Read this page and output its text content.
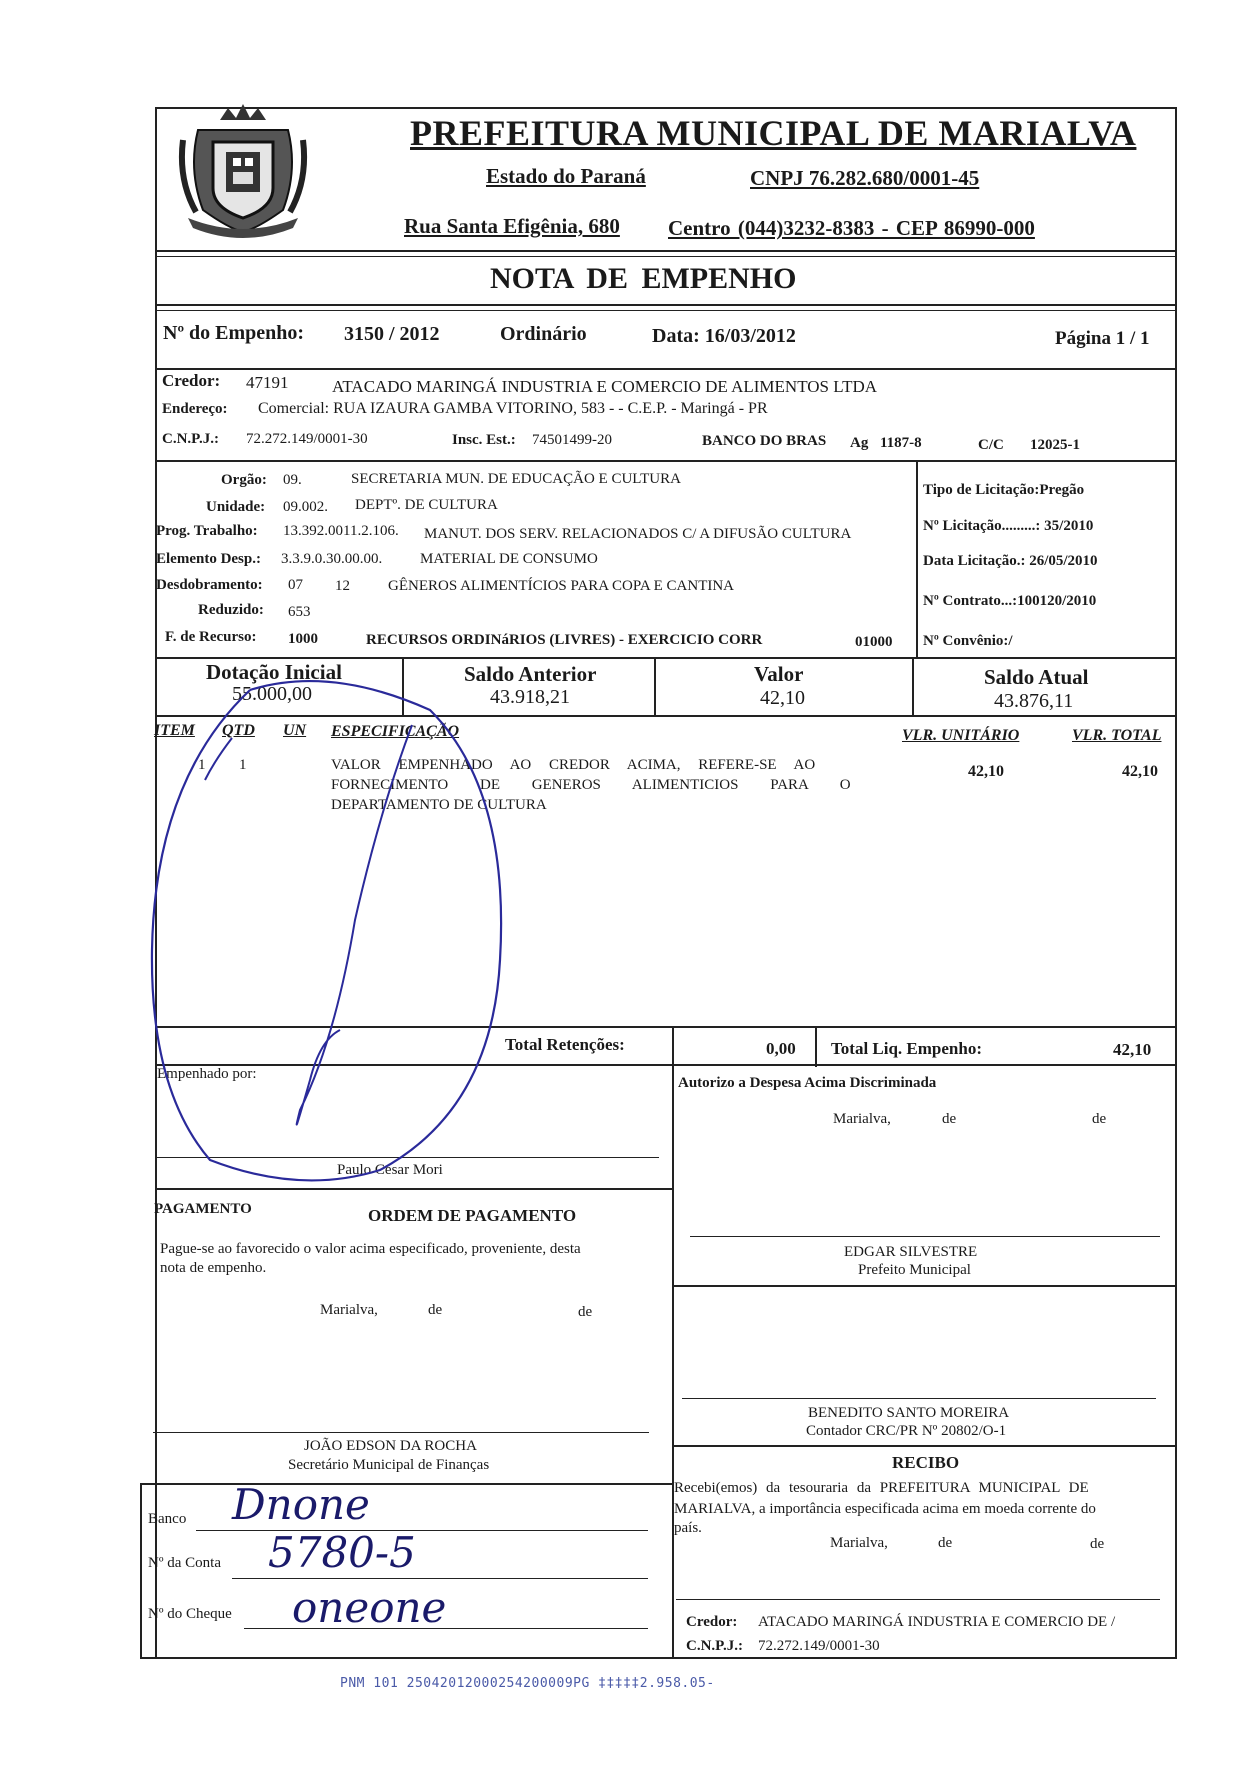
PREFEITURA MUNICIPAL DE MARIALVA
Estado do Paraná	CNPJ 76.282.680/0001-45
Rua Santa Efigênia, 680 Centro (044)3232-8383 - CEP 86990-000
NOTA DE EMPENHO
Nº do Empenho: 3150 / 2012	Ordinário	Data: 16/03/2012	Página 1 / 1
Credor: 47191	ATACADO MARINGÁ INDUSTRIA E COMERCIO DE ALIMENTOS LTDA
Endereço: Comercial: RUA IZAURA GAMBA VITORINO, 583 - - C.E.P. - Maringá - PR
C.N.P.J.: 72.272.149/0001-30	Insc. Est.: 74501499-20	BANCO DO BRAS Ag 1187-8	C/C 12025-1
Orgão: 09.	SECRETARIA MUN. DE EDUCAÇÃO E CULTURA
Unidade: 09.002. DEPTº. DE CULTURA
Prog. Trabalho: 13.392.0011.2.106. MANUT. DOS SERV. RELACIONADOS C/ A DIFUSÃO CULTURA
Elemento Desp.: 3.3.9.0.30.00.00.	MATERIAL DE CONSUMO
Desdobramento: 07 12	GÊNEROS ALIMENTÍCIOS PARA COPA E CANTINA
Reduzido: 653
F. de Recurso: 1000	RECURSOS ORDINáRIOS (LIVRES) - EXERCICIO CORR	01000
Tipo de Licitação:Pregão
Nº Licitação.........: 35/2010
Data Licitação.: 26/05/2010
Nº Contrato...:100120/2010
Nº Convênio:/
Dotação Inicial
55.000,00
Saldo Anterior
43.918,21
Valor
42,10
Saldo Atual
43.876,11
ITEM QTD UN ESPECIFICAÇÃO	VLR. UNITÁRIO	VLR. TOTAL
1 1	VALOR EMPENHADO AO CREDOR ACIMA, REFERE-SE AO
FORNECIMENTO DE GENEROS ALIMENTICIOS PARA O
DEPARTAMENTO DE CULTURA
42,10	42,10
Total Retenções:	0,00 Total Liq. Empenho:	42,10
Empenhado por:
Paulo César Mori
PAGAMENTO	ORDEM DE PAGAMENTO
Pague-se ao favorecido o valor acima especificado, proveniente, desta
nota de empenho.
Marialva,	de	de
JOÃO EDSON DA ROCHA
Secretário Municipal de Finanças
Banco Dnone
Nº da Conta 5780-5
Nº do Cheque oneone
Autorizo a Despesa Acima Discriminada
Marialva,	de	de
EDGAR SILVESTRE
Prefeito Municipal
BENEDITO SANTO MOREIRA
Contador CRC/PR Nº 20802/O-1
RECIBO
Recebi(emos) da tesouraria da PREFEITURA MUNICIPAL DE
MARIALVA, a importância especificada acima em moeda corrente do
país.
Marialva,	de	de
Credor: ATACADO MARINGÁ INDUSTRIA E COMERCIO DE /
C.N.P.J.: 72.272.149/0001-30
PNM 101 25042012000254200009PG ‡‡‡‡‡2.958.05-
